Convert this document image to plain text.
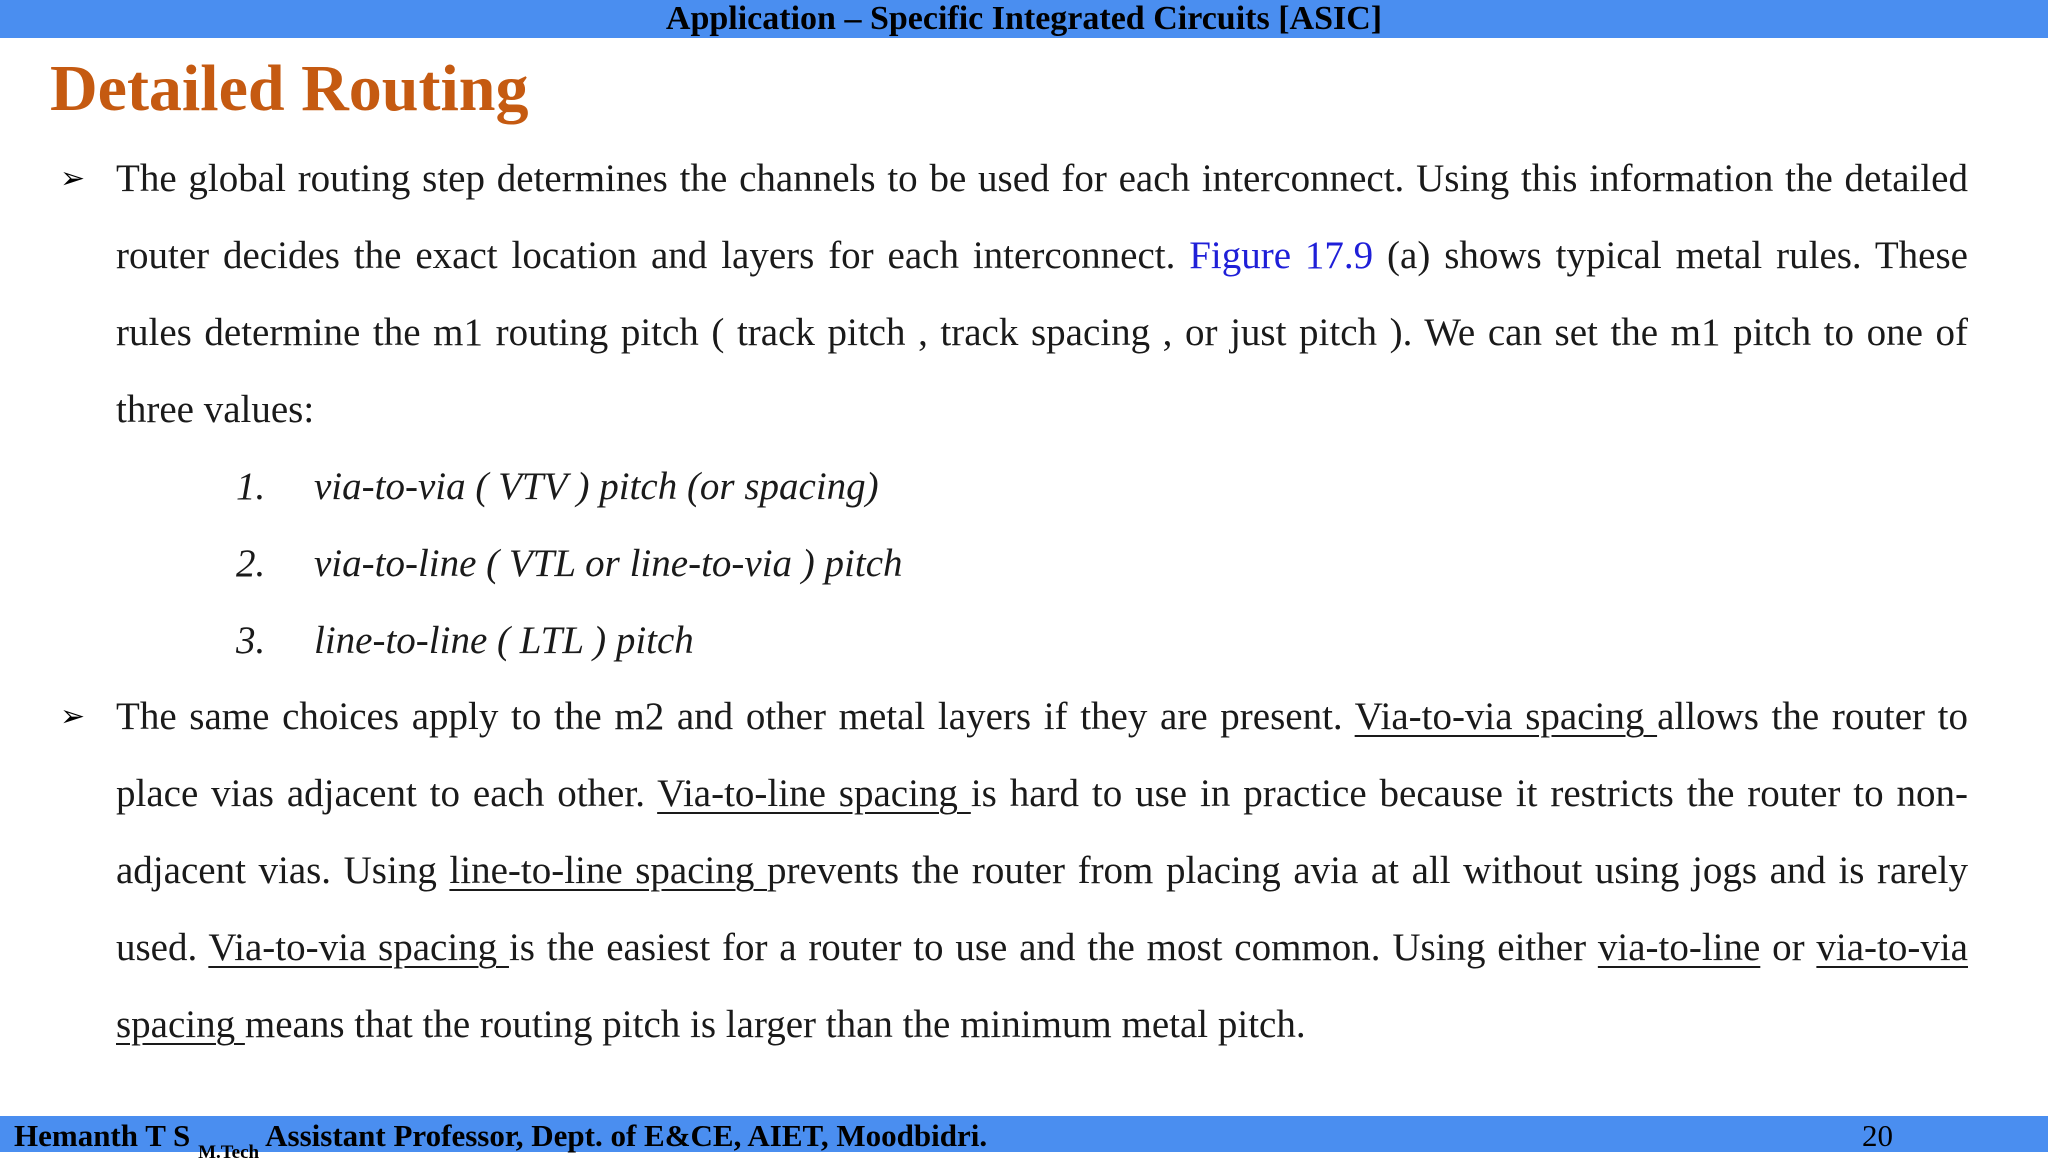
Application – Specific Integrated Circuits [ASIC]
Detailed Routing
➢ The global routing step determines the channels to be used for each interconnect. Using this information the detailed router decides the exact location and layers for each interconnect. Figure 17.9 (a) shows typical metal rules. These rules determine the m1 routing pitch ( track pitch , track spacing , or just pitch ). We can set the m1 pitch to one of three values:
1.	via-to-via ( VTV ) pitch (or spacing)
2.	via-to-line ( VTL or line-to-via ) pitch
3.	line-to-line ( LTL ) pitch
➢ The same choices apply to the m2 and other metal layers if they are present. Via-to-via spacing allows the router to place vias adjacent to each other. Via-to-line spacing is hard to use in practice because it restricts the router to non-adjacent vias. Using line-to-line spacing prevents the router from placing avia at all without using jogs and is rarely used. Via-to-via spacing is the easiest for a router to use and the most common. Using either via-to-line or via-to-via spacing means that the routing pitch is larger than the minimum metal pitch.
Hemanth T S $_{M.Tech}$ Assistant Professor, Dept. of E&CE, AIET, Moodbidri.	20
